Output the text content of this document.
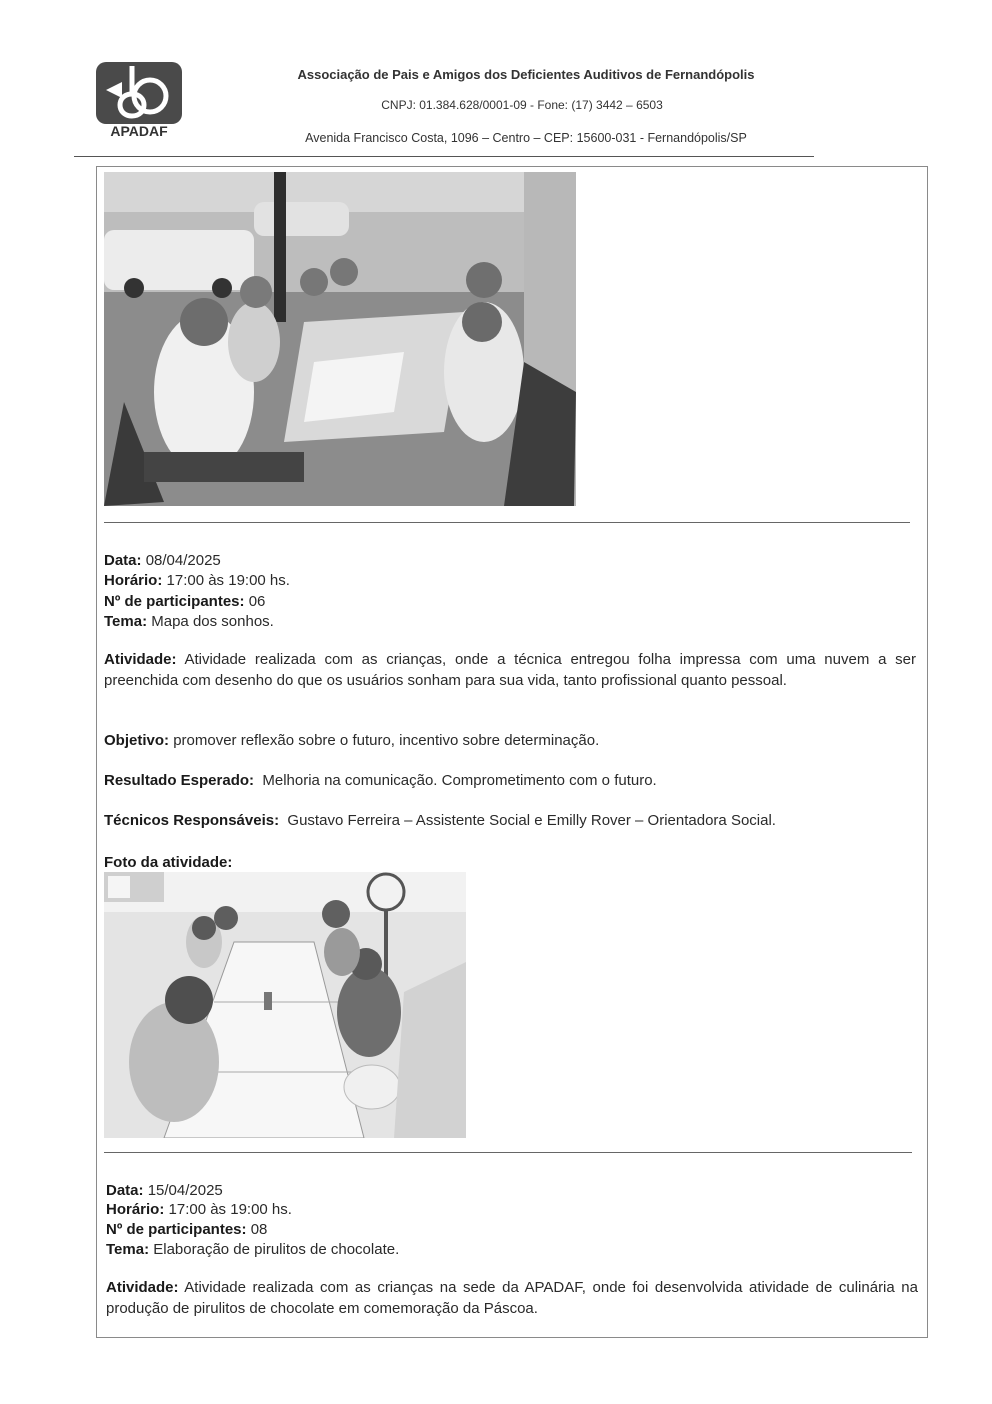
APADAF
Associação de Pais e Amigos dos Deficientes Auditivos de Fernandópolis
CNPJ: 01.384.628/0001-09 - Fone: (17) 3442 – 6503
Avenida Francisco Costa, 1096 – Centro – CEP: 15600-031 - Fernandópolis/SP
Data: 08/04/2025
Horário: 17:00 às 19:00 hs.
Nº de participantes: 06
Tema: Mapa dos sonhos.
Atividade: Atividade realizada com as crianças, onde a técnica entregou folha impressa com uma nuvem a ser preenchida com desenho do que os usuários sonham para sua vida, tanto profissional quanto pessoal.
Objetivo: promover reflexão sobre o futuro, incentivo sobre determinação.
Resultado Esperado: Melhoria na comunicação. Comprometimento com o futuro.
Técnicos Responsáveis: Gustavo Ferreira – Assistente Social e Emilly Rover – Orientadora Social.
Foto da atividade:
Data: 15/04/2025
Horário: 17:00 às 19:00 hs.
Nº de participantes: 08
Tema: Elaboração de pirulitos de chocolate.
Atividade: Atividade realizada com as crianças na sede da APADAF, onde foi desenvolvida atividade de culinária na produção de pirulitos de chocolate em comemoração da Páscoa.
